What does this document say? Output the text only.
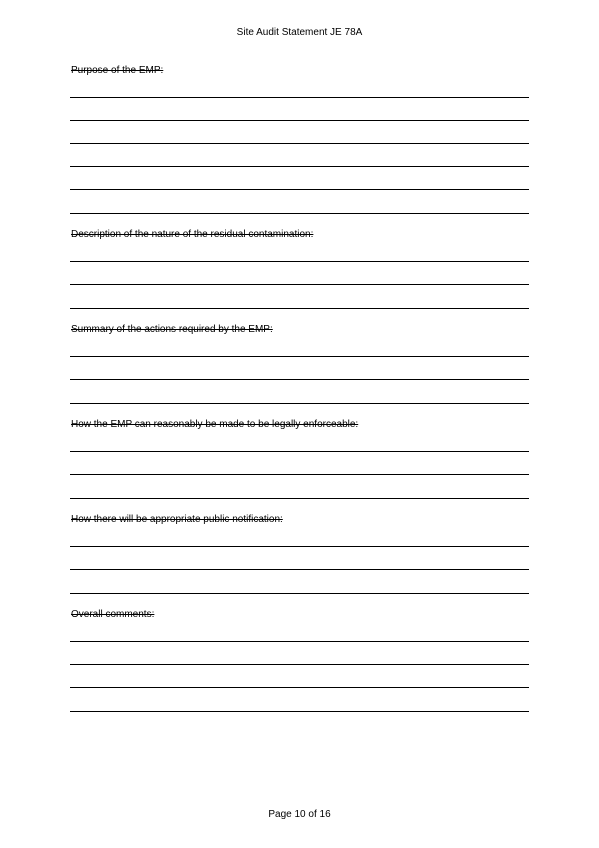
Site Audit Statement JE 78A
Purpose of the EMP:
Description of the nature of the residual contamination:
Summary of the actions required by the EMP:
How the EMP can reasonably be made to be legally enforceable:
How there will be appropriate public notification:
Overall comments:
Page 10 of 16
